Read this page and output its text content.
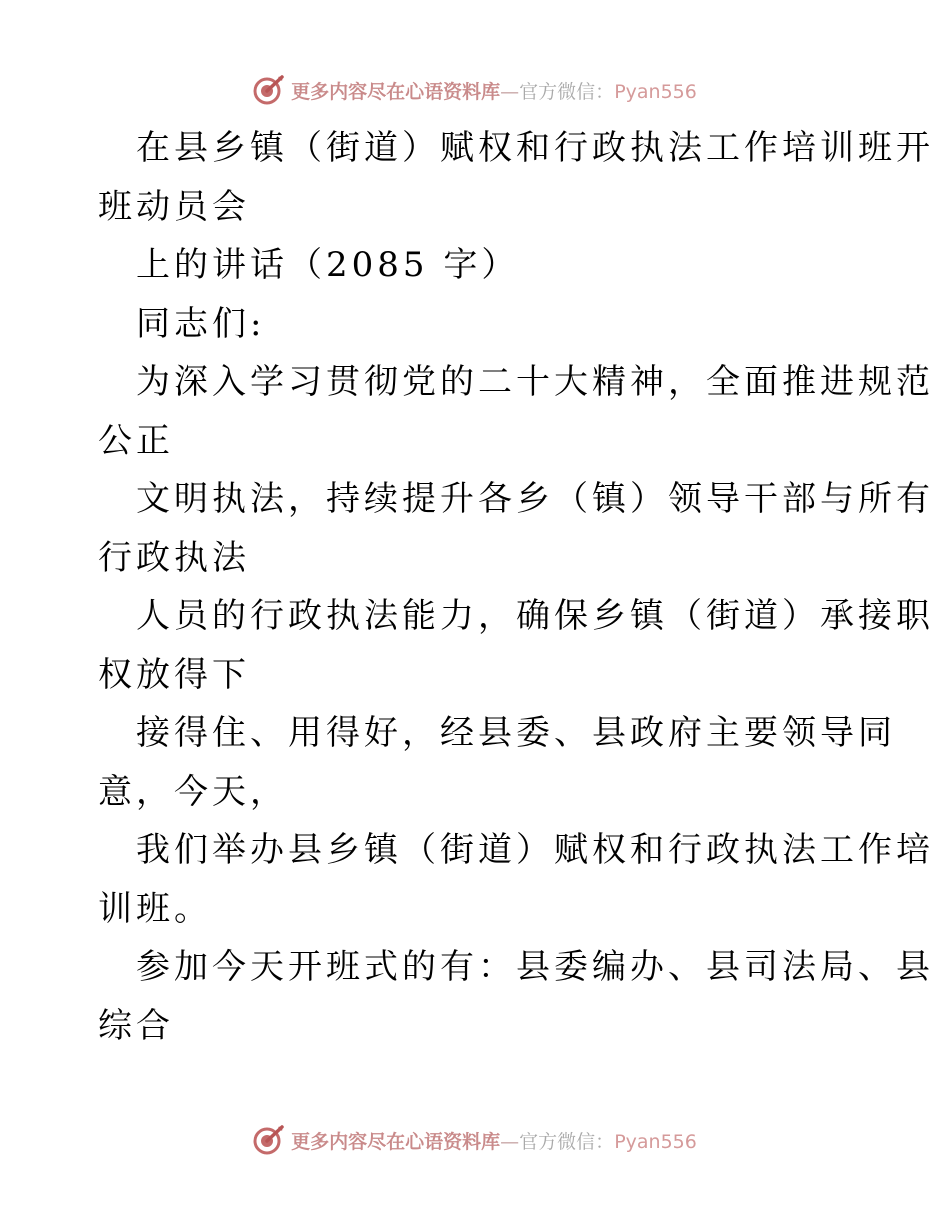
更多内容尽在心语资料库—官方微信：Pyan556
在县乡镇（街道）赋权和行政执法工作培训班开
班动员会
上的讲话（2085 字）
同志们:
为深入学习贯彻党的二十大精神，全面推进规范
公正
文明执法，持续提升各乡（镇）领导干部与所有
行政执法
人员的行政执法能力，确保乡镇（街道）承接职
权放得下
接得住、用得好，经县委、县政府主要领导同
意，今天，
我们举办县乡镇（街道）赋权和行政执法工作培
训班。
参加今天开班式的有：县委编办、县司法局、县
综合
更多内容尽在心语资料库—官方微信：Pyan556
